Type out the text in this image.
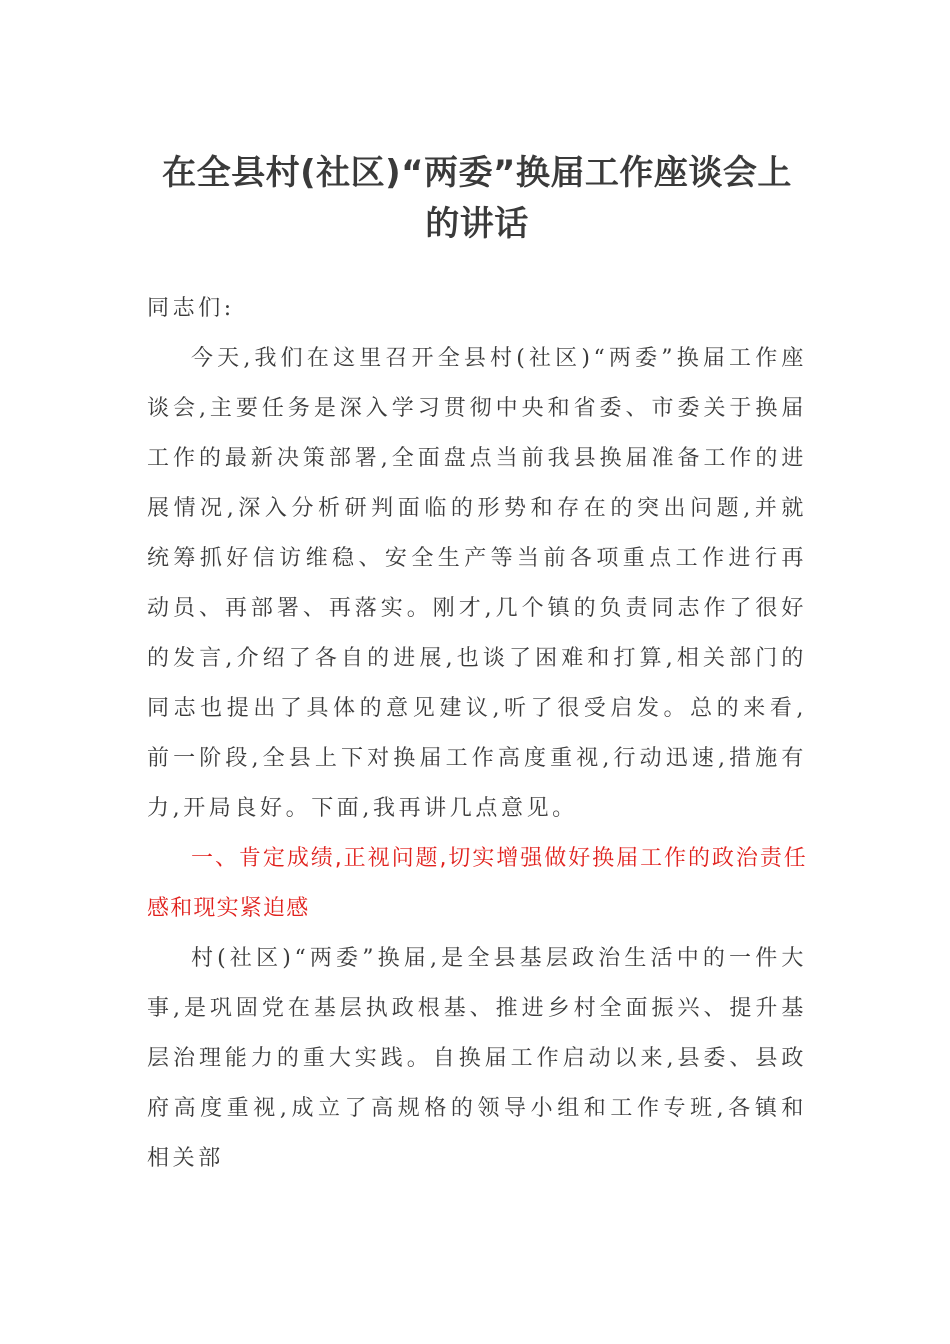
在全县村(社区)“两委”换届工作座谈会上
的讲话

同志们:

今天,我们在这里召开全县村(社区)“两委”换届工作座谈会,主要任务是深入学习贯彻中央和省委、市委关于换届工作的最新决策部署,全面盘点当前我县换届准备工作的进展情况,深入分析研判面临的形势和存在的突出问题,并就统筹抓好信访维稳、安全生产等当前各项重点工作进行再动员、再部署、再落实。刚才,几个镇的负责同志作了很好的发言,介绍了各自的进展,也谈了困难和打算,相关部门的同志也提出了具体的意见建议,听了很受启发。总的来看,前一阶段,全县上下对换届工作高度重视,行动迅速,措施有力,开局良好。下面,我再讲几点意见。

一、肯定成绩,正视问题,切实增强做好换届工作的政治责任感和现实紧迫感

村(社区)“两委”换届,是全县基层政治生活中的一件大事,是巩固党在基层执政根基、推进乡村全面振兴、提升基层治理能力的重大实践。自换届工作启动以来,县委、县政府高度重视,成立了高规格的领导小组和工作专班,各镇和相关部
